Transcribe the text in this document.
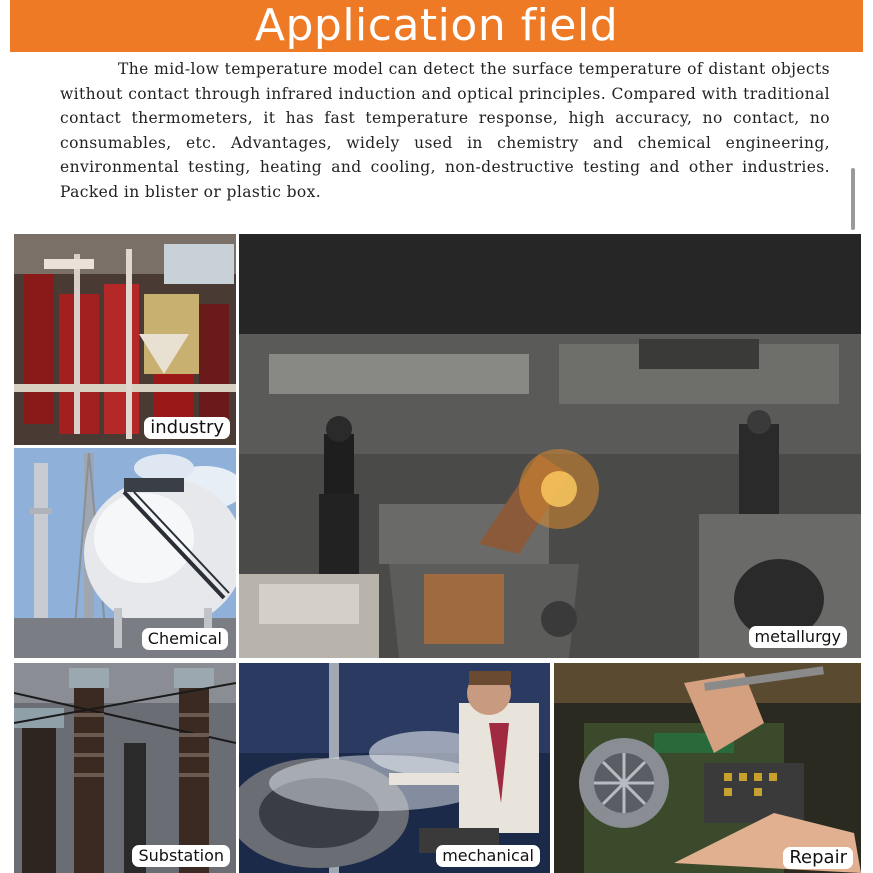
Application field

The mid-low temperature model can detect the surface temperature of distant objects without contact through infrared induction and optical principles. Compared with traditional contact thermometers, it has fast temperature response, high accuracy, no contact, no consumables, etc. Advantages, widely used in chemistry and chemical engineering, environmental testing, heating and cooling, non-destructive testing and other industries. Packed in blister or plastic box.

industry
Chemical	metallurgy
Substation	mechanical	Repair
